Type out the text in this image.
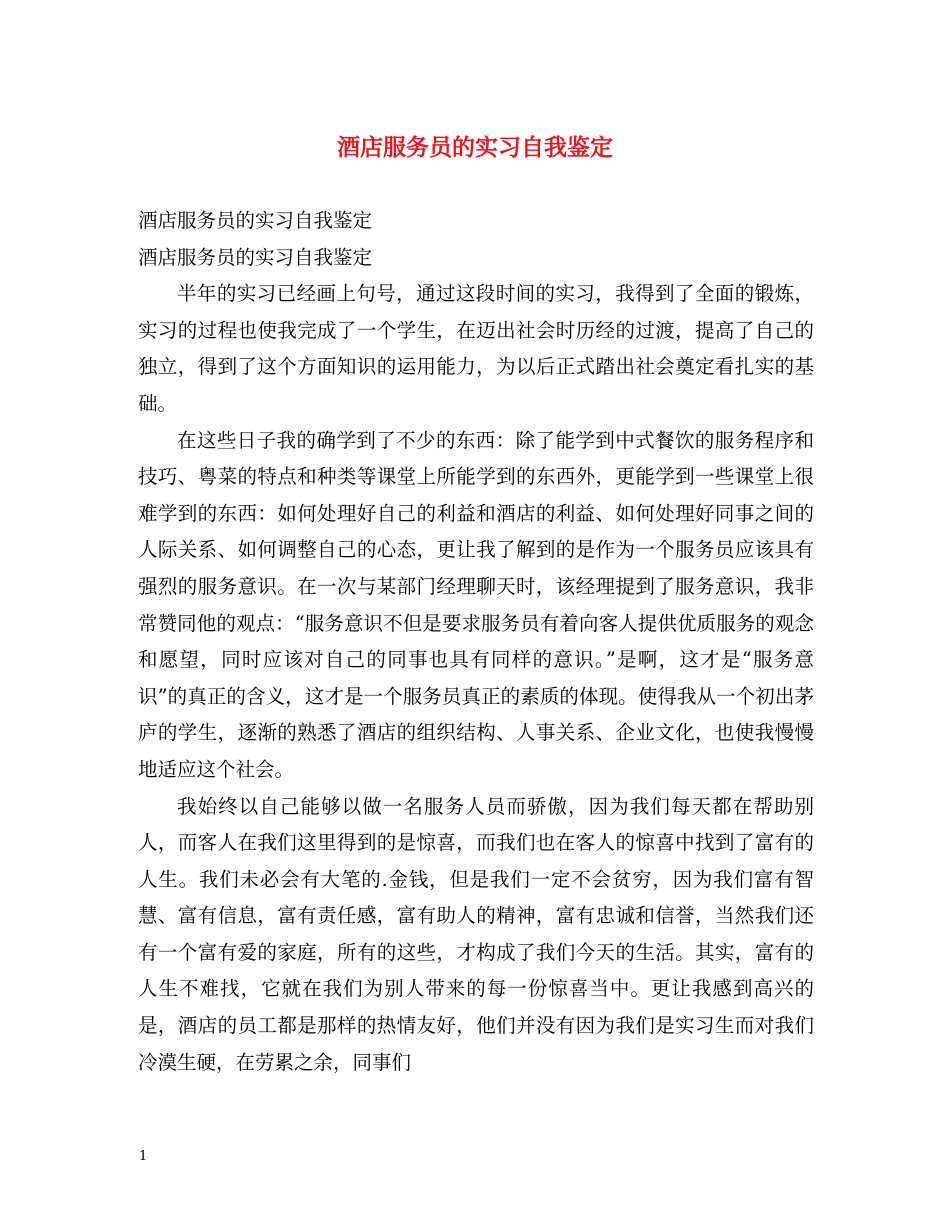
酒店服务员的实习自我鉴定

酒店服务员的实习自我鉴定

酒店服务员的实习自我鉴定

半年的实习已经画上句号，通过这段时间的实习，我得到了全面的锻炼，实习的过程也使我完成了一个学生，在迈出社会时历经的过渡，提高了自己的独立，得到了这个方面知识的运用能力，为以后正式踏出社会奠定看扎实的基础。

在这些日子我的确学到了不少的东西：除了能学到中式餐饮的服务程序和技巧、粤菜的特点和种类等课堂上所能学到的东西外，更能学到一些课堂上很难学到的东西：如何处理好自己的利益和酒店的利益、如何处理好同事之间的人际关系、如何调整自己的心态，更让我了解到的是作为一个服务员应该具有强烈的服务意识。在一次与某部门经理聊天时，该经理提到了服务意识，我非常赞同他的观点：“服务意识不但是要求服务员有着向客人提供优质服务的观念和愿望，同时应该对自己的同事也具有同样的意识。”是啊，这才是“服务意识”的真正的含义，这才是一个服务员真正的素质的体现。使得我从一个初出茅庐的学生，逐渐的熟悉了酒店的组织结构、人事关系、企业文化，也使我慢慢地适应这个社会。

我始终以自己能够以做一名服务人员而骄傲，因为我们每天都在帮助别人，而客人在我们这里得到的是惊喜，而我们也在客人的惊喜中找到了富有的人生。我们未必会有大笔的.金钱，但是我们一定不会贫穷，因为我们富有智慧、富有信息，富有责任感，富有助人的精神，富有忠诚和信誉，当然我们还有一个富有爱的家庭，所有的这些，才构成了我们今天的生活。其实，富有的人生不难找，它就在我们为别人带来的每一份惊喜当中。更让我感到高兴的是，酒店的员工都是那样的热情友好，他们并没有因为我们是实习生而对我们冷漠生硬，在劳累之余，同事们

1
